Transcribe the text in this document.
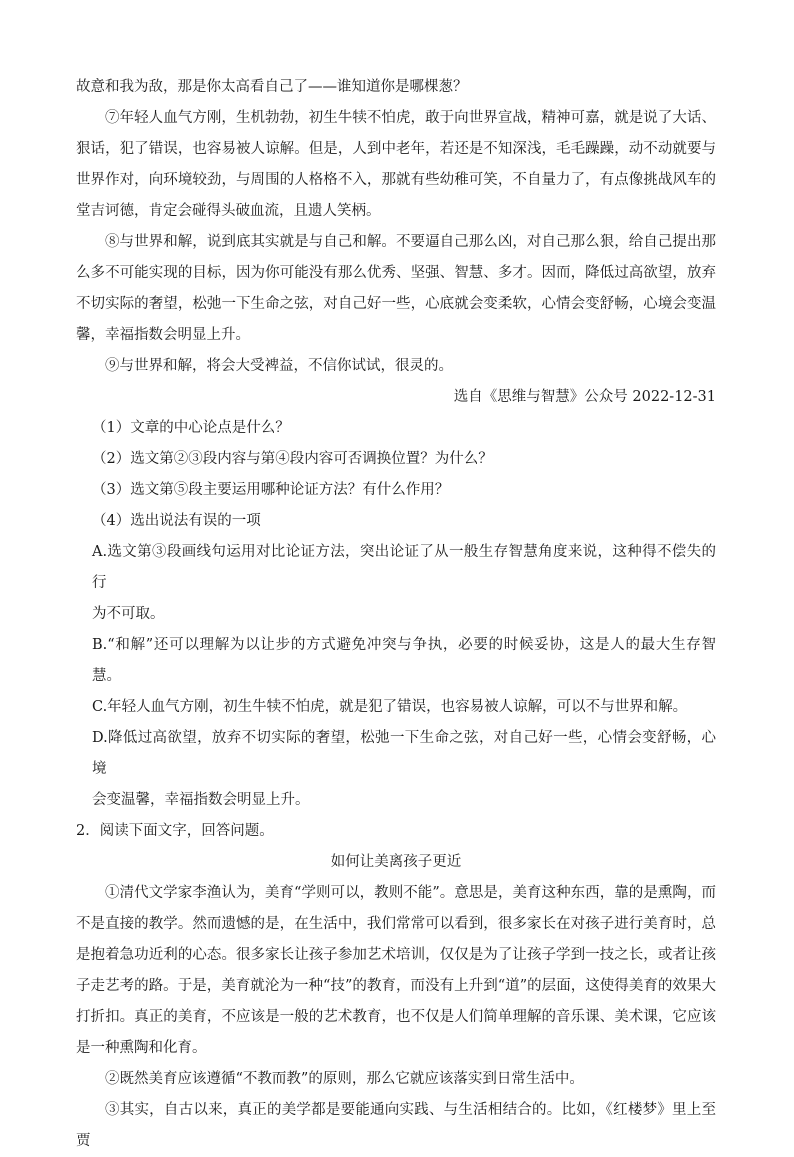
故意和我为敌，那是你太高看自己了——谁知道你是哪棵葱？

⑦年轻人血气方刚，生机勃勃，初生牛犊不怕虎，敢于向世界宣战，精神可嘉，就是说了大话、狠话，犯了错误，也容易被人谅解。但是，人到中老年，若还是不知深浅，毛毛躁躁，动不动就要与世界作对，向环境较劲，与周围的人格格不入，那就有些幼稚可笑，不自量力了，有点像挑战风车的堂吉诃德，肯定会碰得头破血流，且遗人笑柄。

⑧与世界和解，说到底其实就是与自己和解。不要逼自己那么凶，对自己那么狠，给自己提出那么多不可能实现的目标，因为你可能没有那么优秀、坚强、智慧、多才。因而，降低过高欲望，放弃不切实际的奢望，松弛一下生命之弦，对自己好一些，心底就会变柔软，心情会变舒畅，心境会变温馨，幸福指数会明显上升。

⑨与世界和解，将会大受裨益，不信你试试，很灵的。

选自《思维与智慧》公众号 2022-12-31

（1）文章的中心论点是什么？

（2）选文第②③段内容与第④段内容可否调换位置？为什么？

（3）选文第⑤段主要运用哪种论证方法？有什么作用？

（4）选出说法有误的一项

A.选文第③段画线句运用对比论证方法，突出论证了从一般生存智慧角度来说，这种得不偿失的行

为不可取。

B.“和解”还可以理解为以让步的方式避免冲突与争执，必要的时候妥协，这是人的最大生存智慧。

C.年轻人血气方刚，初生牛犊不怕虎，就是犯了错误，也容易被人谅解，可以不与世界和解。

D.降低过高欲望，放弃不切实际的奢望，松弛一下生命之弦，对自己好一些，心情会变舒畅，心境

会变温馨，幸福指数会明显上升。

2．阅读下面文字，回答问题。

如何让美离孩子更近

①清代文学家李渔认为，美育“学则可以，教则不能”。意思是，美育这种东西，靠的是熏陶，而不是直接的教学。然而遗憾的是，在生活中，我们常常可以看到，很多家长在对孩子进行美育时，总是抱着急功近利的心态。很多家长让孩子参加艺术培训，仅仅是为了让孩子学到一技之长，或者让孩子走艺考的路。于是，美育就沦为一种“技”的教育，而没有上升到“道”的层面，这使得美育的效果大打折扣。真正的美育，不应该是一般的艺术教育，也不仅是人们简单理解的音乐课、美术课，它应该是一种熏陶和化育。

②既然美育应该遵循“不教而教”的原则，那么它就应该落实到日常生活中。

③其实，自古以来，真正的美学都是要能通向实践、与生活相结合的。比如，《红楼梦》里上至贾
